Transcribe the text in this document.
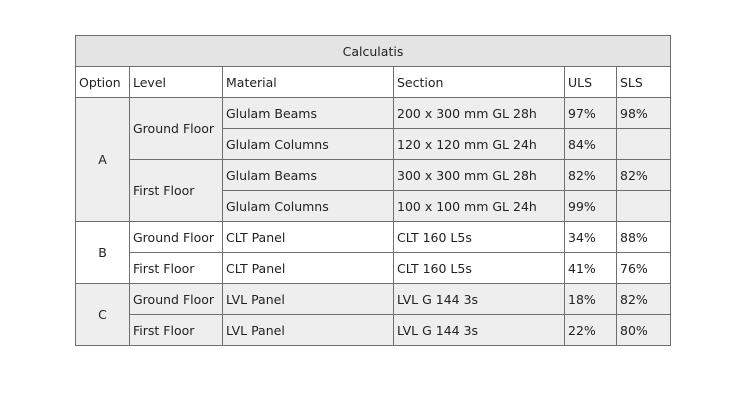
Calculatis					
Option	Level	Material	Section	ULS	SLS
A	Ground Floor	Glulam Beams	200 x 300 mm GL 28h	97%	98%
		Glulam Columns	120 x 120 mm GL 24h	84%	
	First Floor	Glulam Beams	300 x 300 mm GL 28h	82%	82%
		Glulam Columns	100 x 100 mm GL 24h	99%	
B	Ground Floor	CLT Panel	CLT 160 L5s	34%	88%
	First Floor	CLT Panel	CLT 160 L5s	41%	76%
C	Ground Floor	LVL Panel	LVL G 144 3s	18%	82%
	First Floor	LVL Panel	LVL G 144 3s	22%	80%
